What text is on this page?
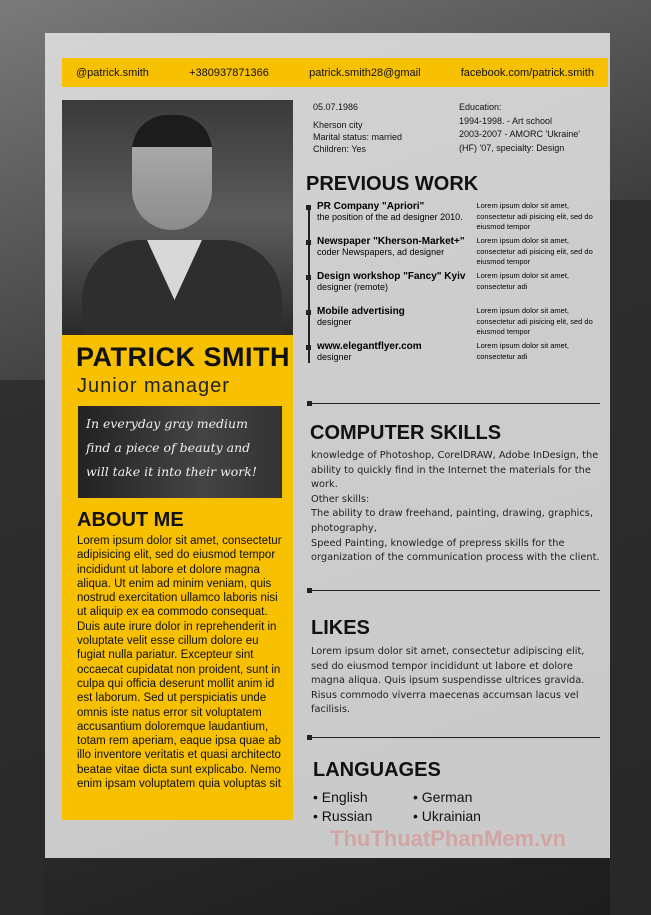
@patrick.smith	+380937871366	patrick.smith28@gmail	facebook.com/patrick.smith
PATRICK SMITH
Junior manager
In everyday gray medium find a piece of beauty and will take it into their work!
ABOUT ME
Lorem ipsum dolor sit amet, consectetur adipisicing elit, sed do eiusmod tempor incididunt ut labore et dolore magna aliqua. Ut enim ad minim veniam, quis nostrud exercitation ullamco laboris nisi ut aliquip ex ea commodo consequat. Duis aute irure dolor in reprehenderit in voluptate velit esse cillum dolore eu fugiat nulla pariatur. Excepteur sint occaecat cupidatat non proident, sunt in culpa qui officia deserunt mollit anim id est laborum. Sed ut perspiciatis unde omnis iste natus error sit voluptatem accusantium doloremque laudantium, totam rem aperiam, eaque ipsa quae ab illo inventore veritatis et quasi architecto beatae vitae dicta sunt explicabo. Nemo enim ipsam voluptatem quia voluptas sit
05.07.1986
Kherson city
Marital status: married
Children: Yes
Education:
1994-1998. - Art school
2003-2007 - AMORC 'Ukraine'
(HF) '07, specialty: Design
PREVIOUS WORK
PR Company "Apriori"
the position of the ad designer 2010.
Lorem ipsum dolor sit amet, consectetur adi pisicing elit, sed do eiusmod tempor
Newspaper "Kherson-Market+"
coder Newspapers, ad designer
Lorem ipsum dolor sit amet, consectetur adi pisicing elit, sed do eiusmod tempor
Design workshop "Fancy" Kyiv
designer (remote)
Lorem ipsum dolor sit amet, consectetur adi
Mobile advertising
designer
Lorem ipsum dolor sit amet, consectetur adi pisicing elit, sed do eiusmod tempor
www.elegantflyer.com
designer
Lorem ipsum dolor sit amet, consectetur adi
COMPUTER SKILLS
knowledge of Photoshop, CorelDRAW, Adobe InDesign, the ability to quickly find in the Internet the materials for the work.
Other skills:
The ability to draw freehand, painting, drawing, graphics, photography,
Speed Painting, knowledge of prepress skills for the organization of the communication process with the client.
LIKES
Lorem ipsum dolor sit amet, consectetur adipiscing elit, sed do eiusmod tempor incididunt ut labore et dolore magna aliqua. Quis ipsum suspendisse ultrices gravida. Risus commodo viverra maecenas accumsan lacus vel facilisis.
LANGUAGES
• English	• German
• Russian	• Ukrainian
ThuThuatPhanMem.vn
